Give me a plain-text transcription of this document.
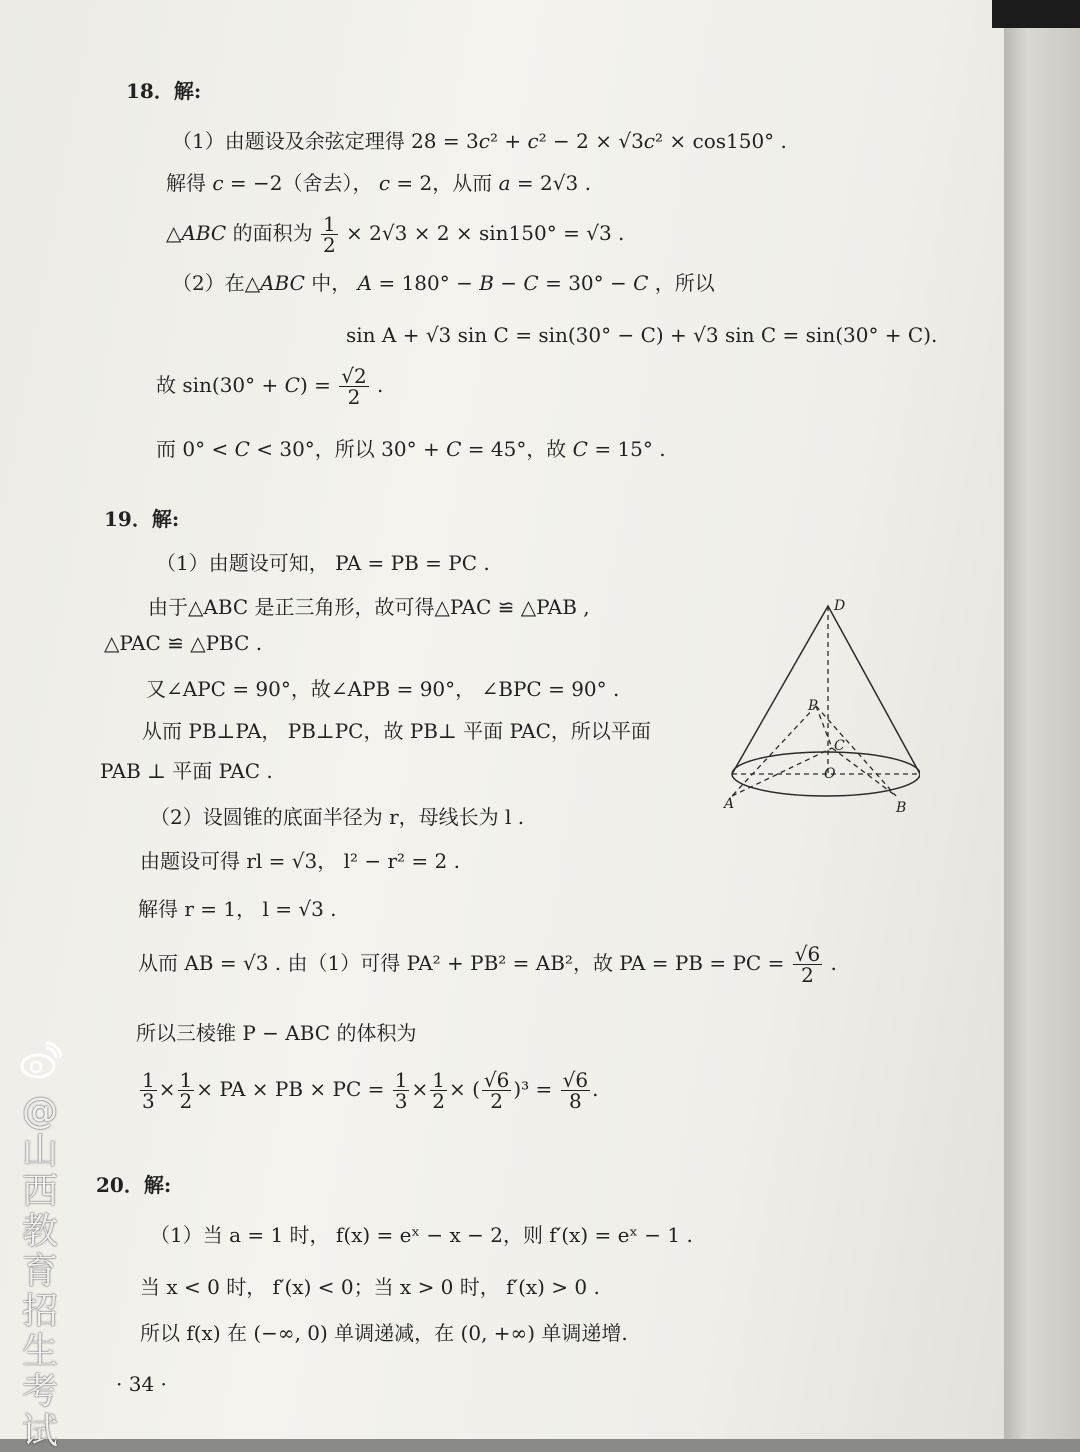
18．解:
（1）由题设及余弦定理得 28 = 3c² + c² − 2 × √3c² × cos150° .
解得 c = −2（舍去）， c = 2，从而 a = 2√3 .
△ABC 的面积为 $\frac{1}{2} \times 2√3 \times 2 \times \sin 150^\circ = √3$ .
（2）在△ABC 中， A = 180° − B − C = 30° − C ，所以
sin A + √3 sin C = sin(30° − C) + √3 sin C = sin(30° + C).
故 $\sin(30^\circ + C) = \frac{√2}{2}$ .
而 0° < C < 30°，所以 30° + C = 45°，故 C = 15° .
19．解:
（1）由题设可知， PA = PB = PC .
由于△ABC 是正三角形，故可得△PAC ≌ △PAB ,
△PAC ≌ △PBC .
又∠APC = 90°，故∠APB = 90°， ∠BPC = 90° .
从而 PB⊥PA， PB⊥PC，故 PB⊥ 平面 PAC，所以平面
PAB ⊥ 平面 PAC .
（2）设圆锥的底面半径为 r，母线长为 l .
由题设可得 rl = √3， l² − r² = 2 .
解得 r = 1， l = √3 .
从而 AB = √3 . 由（1）可得 PA² + PB² = AB²，故 PA = PB = PC = $\frac{√6}{2}$ .
所以三棱锥 P − ABC 的体积为
$\frac{1}{3} \times \frac{1}{2}$ × PA × PB × PC = $\frac{1}{3} \times \frac{1}{2}$ × ( $\frac{√6}{2} )^3 = \frac{√6}{8}$ .
D
P
C
O
A	B
20．解:
（1）当 a = 1 时， f(x) = eˣ − x − 2，则 f′(x) = eˣ − 1 .
当 x < 0 时， f′(x) < 0；当 x > 0 时， f′(x) > 0 .
所以 f(x) 在 (−∞, 0) 单调递减，在 (0, +∞) 单调递增.
· 34 ·
@
山
西
教
育
招
生
考
试
